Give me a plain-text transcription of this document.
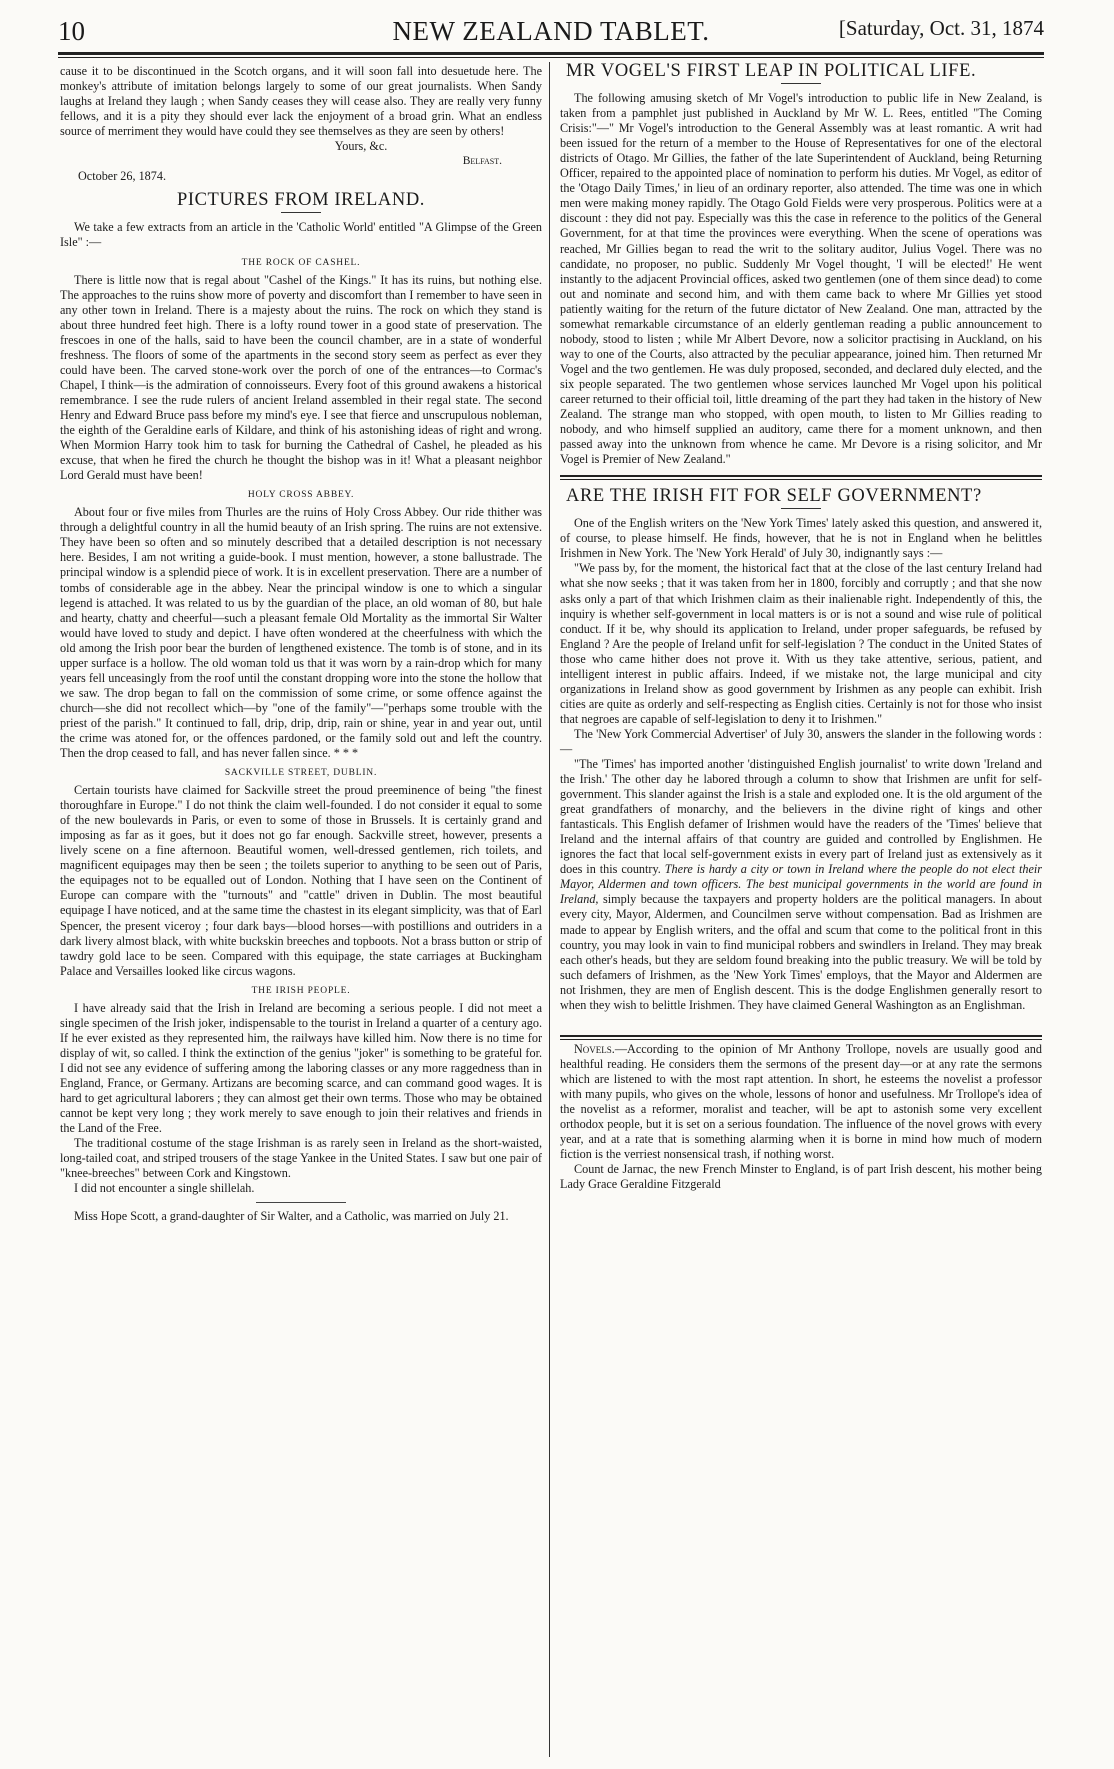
10	NEW ZEALAND TABLET.	[Saturday, Oct. 31, 1874

cause it to be discontinued in the Scotch organs, and it will soon fall into desuetude here. The monkey's attribute of imitation belongs largely to some of our great journalists. When Sandy laughs at Ireland they laugh ; when Sandy ceases they will cease also. They are really very funny fellows, and it is a pity they should ever lack the enjoyment of a broad grin. What an endless source of merriment they would have could they see themselves as they are seen by others!

Yours, &c.
Belfast.
October 26, 1874.
PICTURES FROM IRELAND.

We take a few extracts from an article in the 'Catholic World' entitled "A Glimpse of the Green Isle" :—

THE ROCK OF CASHEL.

There is little now that is regal about "Cashel of the Kings." It has its ruins, but nothing else. The approaches to the ruins show more of poverty and discomfort than I remember to have seen in any other town in Ireland. There is a majesty about the ruins. The rock on which they stand is about three hundred feet high. There is a lofty round tower in a good state of preservation. The frescoes in one of the halls, said to have been the council chamber, are in a state of wonderful freshness. The floors of some of the apartments in the second story seem as perfect as ever they could have been. The carved stone-work over the porch of one of the entrances—to Cormac's Chapel, I think—is the admiration of connoisseurs. Every foot of this ground awakens a historical remembrance. I see the rude rulers of ancient Ireland assembled in their regal state. The second Henry and Edward Bruce pass before my mind's eye. I see that fierce and unscrupulous nobleman, the eighth of the Geraldine earls of Kildare, and think of his astonishing ideas of right and wrong. When Mormion Harry took him to task for burning the Cathedral of Cashel, he pleaded as his excuse, that when he fired the church he thought the bishop was in it! What a pleasant neighbor Lord Gerald must have been!

HOLY CROSS ABBEY.

About four or five miles from Thurles are the ruins of Holy Cross Abbey. Our ride thither was through a delightful country in all the humid beauty of an Irish spring. The ruins are not extensive. They have been so often and so minutely described that a detailed description is not necessary here. Besides, I am not writing a guide-book. I must mention, however, a stone ballustrade. The principal window is a splendid piece of work. It is in excellent preservation. There are a number of tombs of considerable age in the abbey. Near the principal window is one to which a singular legend is attached. It was related to us by the guardian of the place, an old woman of 80, but hale and hearty, chatty and cheerful—such a pleasant female Old Mortality as the immortal Sir Walter would have loved to study and depict. I have often wondered at the cheerfulness with which the old among the Irish poor bear the burden of lengthened existence. The tomb is of stone, and in its upper surface is a hollow. The old woman told us that it was worn by a rain-drop which for many years fell unceasingly from the roof until the constant dropping wore into the stone the hollow that we saw. The drop began to fall on the commission of some crime, or some offence against the church—she did not recollect which—by "one of the family"—"perhaps some trouble with the priest of the parish." It continued to fall, drip, drip, drip, rain or shine, year in and year out, until the crime was atoned for, or the offences pardoned, or the family sold out and left the country. Then the drop ceased to fall, and has never fallen since. * * *

SACKVILLE STREET, DUBLIN.

Certain tourists have claimed for Sackville street the proud preeminence of being "the finest thoroughfare in Europe." I do not think the claim well-founded. I do not consider it equal to some of the new boulevards in Paris, or even to some of those in Brussels. It is certainly grand and imposing as far as it goes, but it does not go far enough. Sackville street, however, presents a lively scene on a fine afternoon. Beautiful women, well-dressed gentlemen, rich toilets, and magnificent equipages may then be seen ; the toilets superior to anything to be seen out of Paris, the equipages not to be equalled out of London. Nothing that I have seen on the Continent of Europe can compare with the "turnouts" and "cattle" driven in Dublin. The most beautiful equipage I have noticed, and at the same time the chastest in its elegant simplicity, was that of Earl Spencer, the present viceroy ; four dark bays—blood horses—with postillions and outriders in a dark livery almost black, with white buckskin breeches and topboots. Not a brass button or strip of tawdry gold lace to be seen. Compared with this equipage, the state carriages at Buckingham Palace and Versailles looked like circus wagons.

THE IRISH PEOPLE.

I have already said that the Irish in Ireland are becoming a serious people. I did not meet a single specimen of the Irish joker, indispensable to the tourist in Ireland a quarter of a century ago. If he ever existed as they represented him, the railways have killed him. Now there is no time for display of wit, so called. I think the extinction of the genius "joker" is something to be grateful for. I did not see any evidence of suffering among the laboring classes or any more raggedness than in England, France, or Germany. Artizans are becoming scarce, and can command good wages. It is hard to get agricultural laborers ; they can almost get their own terms. Those who may be obtained cannot be kept very long ; they work merely to save enough to join their relatives and friends in the Land of the Free.

The traditional costume of the stage Irishman is as rarely seen in Ireland as the short-waisted, long-tailed coat, and striped trousers of the stage Yankee in the United States. I saw but one pair of "knee-breeches" between Cork and Kingstown.

I did not encounter a single shillelah.

Miss Hope Scott, a grand-daughter of Sir Walter, and a Catholic, was married on July 21.

MR VOGEL'S FIRST LEAP IN POLITICAL LIFE.

The following amusing sketch of Mr Vogel's introduction to public life in New Zealand, is taken from a pamphlet just published in Auckland by Mr W. L. Rees, entitled "The Coming Crisis:"—" Mr Vogel's introduction to the General Assembly was at least romantic. A writ had been issued for the return of a member to the House of Representatives for one of the electoral districts of Otago. Mr Gillies, the father of the late Superintendent of Auckland, being Returning Officer, repaired to the appointed place of nomination to perform his duties. Mr Vogel, as editor of the 'Otago Daily Times,' in lieu of an ordinary reporter, also attended. The time was one in which men were making money rapidly. The Otago Gold Fields were very prosperous. Politics were at a discount : they did not pay. Especially was this the case in reference to the politics of the General Government, for at that time the provinces were everything. When the scene of operations was reached, Mr Gillies began to read the writ to the solitary auditor, Julius Vogel. There was no candidate, no proposer, no public. Suddenly Mr Vogel thought, 'I will be elected!' He went instantly to the adjacent Provincial offices, asked two gentlemen (one of them since dead) to come out and nominate and second him, and with them came back to where Mr Gillies yet stood patiently waiting for the return of the future dictator of New Zealand. One man, attracted by the somewhat remarkable circumstance of an elderly gentleman reading a public announcement to nobody, stood to listen ; while Mr Albert Devore, now a solicitor practising in Auckland, on his way to one of the Courts, also attracted by the peculiar appearance, joined him. Then returned Mr Vogel and the two gentlemen. He was duly proposed, seconded, and declared duly elected, and the six people separated. The two gentlemen whose services launched Mr Vogel upon his political career returned to their official toil, little dreaming of the part they had taken in the history of New Zealand. The strange man who stopped, with open mouth, to listen to Mr Gillies reading to nobody, and who himself supplied an auditory, came there for a moment unknown, and then passed away into the unknown from whence he came. Mr Devore is a rising solicitor, and Mr Vogel is Premier of New Zealand."

ARE THE IRISH FIT FOR SELF GOVERNMENT?

One of the English writers on the 'New York Times' lately asked this question, and answered it, of course, to please himself. He finds, however, that he is not in England when he belittles Irishmen in New York. The 'New York Herald' of July 30, indignantly says :—

"We pass by, for the moment, the historical fact that at the close of the last century Ireland had what she now seeks ; that it was taken from her in 1800, forcibly and corruptly ; and that she now asks only a part of that which Irishmen claim as their inalienable right. Independently of this, the inquiry is whether self-government in local matters is or is not a sound and wise rule of political conduct. If it be, why should its application to Ireland, under proper safeguards, be refused by England ? Are the people of Ireland unfit for self-legislation ? The conduct in the United States of those who came hither does not prove it. With us they take attentive, serious, patient, and intelligent interest in public affairs. Indeed, if we mistake not, the large municipal and city organizations in Ireland show as good government by Irishmen as any people can exhibit. Irish cities are quite as orderly and self-respecting as English cities. Certainly is not for those who insist that negroes are capable of self-legislation to deny it to Irishmen."

The 'New York Commercial Advertiser' of July 30, answers the slander in the following words :—

"The 'Times' has imported another 'distinguished English journalist' to write down 'Ireland and the Irish.' The other day he labored through a column to show that Irishmen are unfit for self-government. This slander against the Irish is a stale and exploded one. It is the old argument of the great grandfathers of monarchy, and the believers in the divine right of kings and other fantasticals. This English defamer of Irishmen would have the readers of the 'Times' believe that Ireland and the internal affairs of that country are guided and controlled by Englishmen. He ignores the fact that local self-government exists in every part of Ireland just as extensively as it does in this country. There is hardy a city or town in Ireland where the people do not elect their Mayor, Aldermen and town officers. The best municipal governments in the world are found in Ireland, simply because the taxpayers and property holders are the political managers. In about every city, Mayor, Aldermen, and Councilmen serve without compensation. Bad as Irishmen are made to appear by English writers, and the offal and scum that come to the political front in this country, you may look in vain to find municipal robbers and swindlers in Ireland. They may break each other's heads, but they are seldom found breaking into the public treasury. We will be told by such defamers of Irishmen, as the 'New York Times' employs, that the Mayor and Aldermen are not Irishmen, they are men of English descent. This is the dodge Englishmen generally resort to when they wish to belittle Irishmen. They have claimed General Washington as an Englishman.

Novels.—According to the opinion of Mr Anthony Trollope, novels are usually good and healthful reading. He considers them the sermons of the present day—or at any rate the sermons which are listened to with the most rapt attention. In short, he esteems the novelist a professor with many pupils, who gives on the whole, lessons of honor and usefulness. Mr Trollope's idea of the novelist as a reformer, moralist and teacher, will be apt to astonish some very excellent orthodox people, but it is set on a serious foundation. The influence of the novel grows with every year, and at a rate that is something alarming when it is borne in mind how much of modern fiction is the verriest nonsensical trash, if nothing worst.

Count de Jarnac, the new French Minster to England, is of part Irish descent, his mother being Lady Grace Geraldine Fitzgerald
